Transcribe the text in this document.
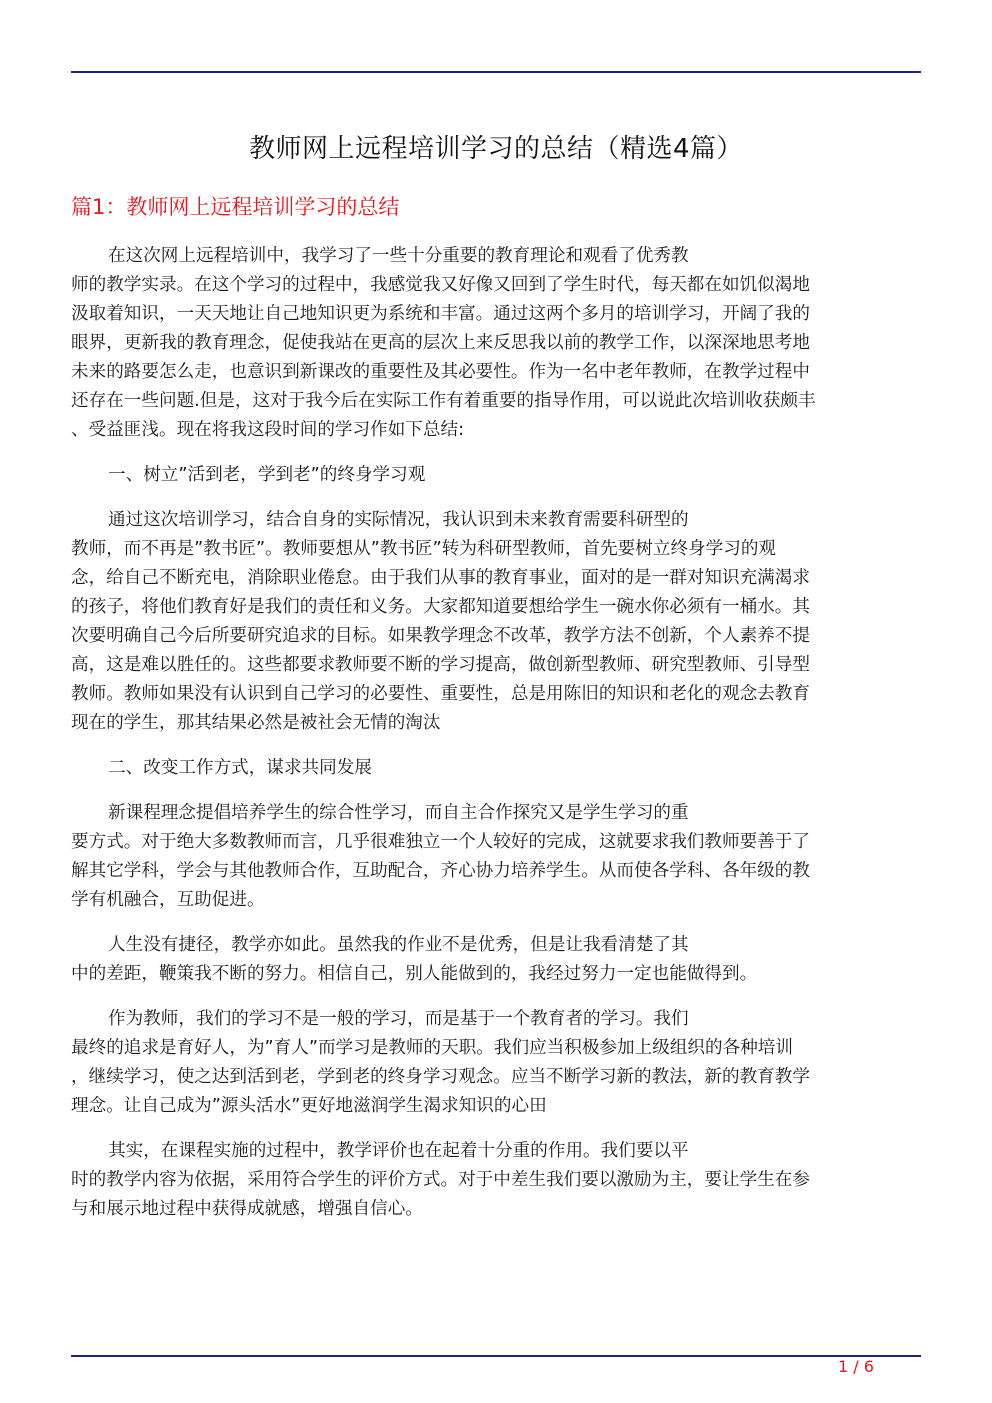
教师网上远程培训学习的总结（精选4篇）
篇1：教师网上远程培训学习的总结
在这次网上远程培训中，我学习了一些十分重要的教育理论和观看了优秀教
师的教学实录。在这个学习的过程中，我感觉我又好像又回到了学生时代，每天都在如饥似渴地
汲取着知识，一天天地让自己地知识更为系统和丰富。通过这两个多月的培训学习，开阔了我的
眼界，更新我的教育理念，促使我站在更高的层次上来反思我以前的教学工作，以深深地思考地
未来的路要怎么走，也意识到新课改的重要性及其必要性。作为一名中老年教师，在教学过程中
还存在一些问题.但是，这对于我今后在实际工作有着重要的指导作用，可以说此次培训收获颇丰
、受益匪浅。现在将我这段时间的学习作如下总结:
一、树立”活到老，学到老”的终身学习观
通过这次培训学习，结合自身的实际情况，我认识到未来教育需要科研型的
教师，而不再是”教书匠”。教师要想从”教书匠”转为科研型教师，首先要树立终身学习的观
念，给自己不断充电，消除职业倦怠。由于我们从事的教育事业，面对的是一群对知识充满渴求
的孩子，将他们教育好是我们的责任和义务。大家都知道要想给学生一碗水你必须有一桶水。其
次要明确自己今后所要研究追求的目标。如果教学理念不改革，教学方法不创新，个人素养不提
高，这是难以胜任的。这些都要求教师要不断的学习提高，做创新型教师、研究型教师、引导型
教师。教师如果没有认识到自己学习的必要性、重要性，总是用陈旧的知识和老化的观念去教育
现在的学生，那其结果必然是被社会无情的淘汰
二、改变工作方式，谋求共同发展
新课程理念提倡培养学生的综合性学习，而自主合作探究又是学生学习的重
要方式。对于绝大多数教师而言，几乎很难独立一个人较好的完成，这就要求我们教师要善于了
解其它学科，学会与其他教师合作，互助配合，齐心协力培养学生。从而使各学科、各年级的教
学有机融合，互助促进。
人生没有捷径，教学亦如此。虽然我的作业不是优秀，但是让我看清楚了其
中的差距，鞭策我不断的努力。相信自己，别人能做到的，我经过努力一定也能做得到。
作为教师，我们的学习不是一般的学习，而是基于一个教育者的学习。我们
最终的追求是育好人，为”育人”而学习是教师的天职。我们应当积极参加上级组织的各种培训
，继续学习，使之达到活到老，学到老的终身学习观念。应当不断学习新的教法，新的教育教学
理念。让自己成为”源头活水”更好地滋润学生渴求知识的心田
其实，在课程实施的过程中，教学评价也在起着十分重的作用。我们要以平
时的教学内容为依据，采用符合学生的评价方式。对于中差生我们要以激励为主，要让学生在参
与和展示地过程中获得成就感，增强自信心。
1 / 6
